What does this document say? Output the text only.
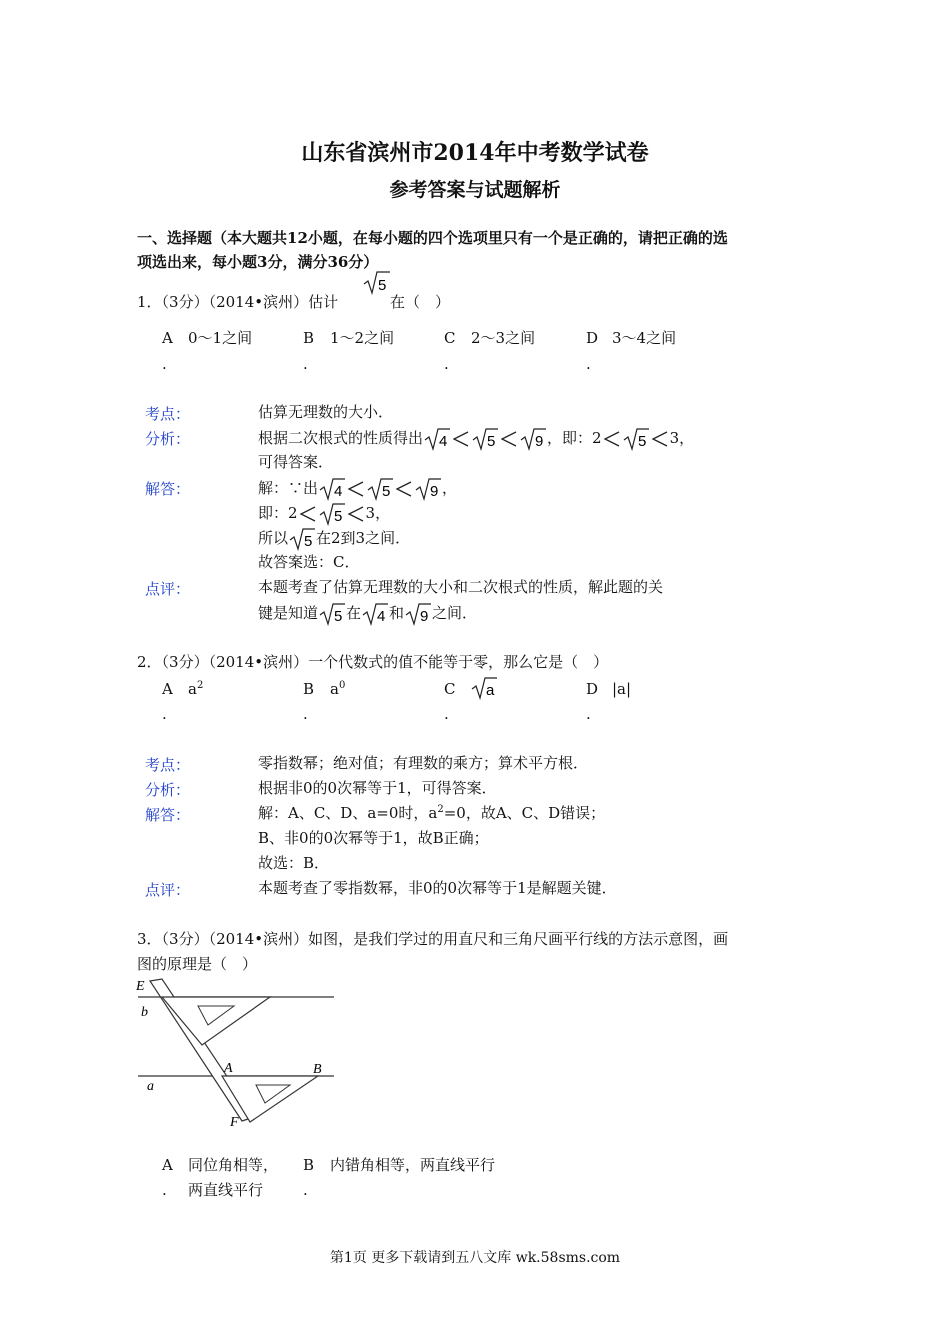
山东省滨州市2014年中考数学试卷
参考答案与试题解析
一、选择题（本大题共12小题，在每小题的四个选项里只有一个是正确的，请把正确的选
项选出来，每小题3分，满分36分）
1．（3分）（2014•滨州）估计
5
在（　）
A 0～1之间	B 1～2之间	C 2～3之间	D 3～4之间
.	.	.	.
考点：	估算无理数的大小．
分析：	根据二次根式的性质得出 4	5	9 ，即：2 5 3，
可得答案．
解答：	解：∵出 4	5	9 ，
即：2 5 3，
所以 5 在2到3之间．
故答案选：C．
点评：	本题考查了估算无理数的大小和二次根式的性质，解此题的关
键是知道 5 在 4 和 9 之间．
2．（3分）（2014•滨州）一个代数式的值不能等于零，那么它是（　）
A $a^2$	B $a^0$	C a	D |a|
.	.	.	.
考点：	零指数幂；绝对值；有理数的乘方；算术平方根．
分析：	根据非0的0次幂等于1，可得答案．
解答：	解：A、C、D、a=0时，$a^2=0$，故A、C、D错误；
B、非0的0次幂等于1，故B正确；
故选：B．
点评：	本题考查了零指数幂，非0的0次幂等于1是解题关键．
3．（3分）（2014•滨州）如图，是我们学过的用直尺和三角尺画平行线的方法示意图，画
图的原理是（　）
E
b
A	B
a
F
A 同位角相等，
. 两直线平行
B 内错角相等，两直线平行
.
第1页 更多下载请到五八文库 wk.58sms.com
